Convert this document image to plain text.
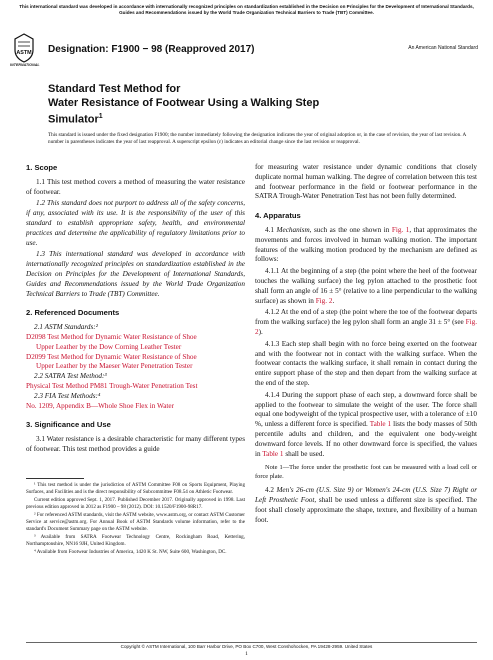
This international standard was developed in accordance with internationally recognized principles on standardization established in the Decision on Principles for the Development of International Standards, Guides and Recommendations issued by the World Trade Organization Technical Barriers to Trade (TBT) Committee.
ASTM
INTERNATIONAL
Designation: F1900 − 98 (Reapproved 2017)	An American National Standard
Standard Test Method for
Water Resistance of Footwear Using a Walking Step
Simulator$^1$
This standard is issued under the fixed designation F1900; the number immediately following the designation indicates the year of original adoption or, in the case of revision, the year of last revision. A number in parentheses indicates the year of last reapproval. A superscript epsilon (ε) indicates an editorial change since the last revision or reapproval.
1. Scope

1.1 This test method covers a method of measuring the water resistance of footwear.

1.2 This standard does not purport to address all of the safety concerns, if any, associated with its use. It is the responsibility of the user of this standard to establish appropriate safety, health, and environmental practices and determine the applicability of regulatory limitations prior to use.

1.3 This international standard was developed in accordance with internationally recognized principles on standardization established in the Decision on Principles for the Development of International Standards, Guides and Recommendations issued by the World Trade Organization Technical Barriers to Trade (TBT) Committee.

2. Referenced Documents

2.1 ASTM Standards:²

D2098 Test Method for Dynamic Water Resistance of Shoe
Upper Leather by the Dow Corning Leather Tester

D2099 Test Method for Dynamic Water Resistance of Shoe
Upper Leather by the Maeser Water Penetration Tester

2.2 SATRA Test Method:³

Physical Test Method PM81 Trough-Water Penetration Test

2.3 FIA Test Methods:⁴

No. 1209, Appendix B—Whole Shoe Flex in Water

3. Significance and Use

3.1 Water resistance is a desirable characteristic for many different types of footwear. This test method provides a guide

¹ This test method is under the jurisdiction of ASTM Committee F08 on Sports Equipment, Playing Surfaces, and Facilities and is the direct responsibility of Subcommittee F08.54 on Athletic Footwear.

Current edition approved Sept. 1, 2017. Published December 2017. Originally approved in 1998. Last previous edition approved in 2012 as F1900 – 98 (2012). DOI: 10.1520/F1900-98R17.

² For referenced ASTM standards, visit the ASTM website, www.astm.org, or contact ASTM Customer Service at service@astm.org. For Annual Book of ASTM Standards volume information, refer to the standard's Document Summary page on the ASTM website.

³ Available from SATRA Footwear Technology Centre, Rockingham Road, Kettering, Northamptonshire, NN16 9JH, United Kingdom.

⁴ Available from Footwear Industries of America, 1420 K St. NW, Suite 600, Washington, DC.

for measuring water resistance under dynamic conditions that closely duplicate normal human walking. The degree of correlation between this test and footwear performance in the field or footwear performance in the SATRA Trough-Water Penetration Test has not been fully determined.

4. Apparatus

4.1 Mechanism, such as the one shown in Fig. 1, that approximates the movements and forces involved in human walking motion. The important features of the walking motion produced by the mechanism are defined as follows:

4.1.1 At the beginning of a step (the point where the heel of the footwear touches the walking surface) the leg pylon attached to the prosthetic foot shall form an angle of 16 ± 5° (relative to a line perpendicular to the walking surface) as shown in Fig. 2.

4.1.2 At the end of a step (the point where the toe of the footwear departs from the walking surface) the leg pylon shall form an angle 31 ± 5° (see Fig. 2).

4.1.3 Each step shall begin with no force being exerted on the footwear and with the footwear not in contact with the walking surface. When the footwear contacts the walking surface, it shall remain in contact during the entire support phase of the step and then depart from the walking surface at the end of the step.

4.1.4 During the support phase of each step, a downward force shall be applied to the footwear to simulate the weight of the user. The force shall equal one bodyweight of the typical prospective user, with a tolerance of ±10 %, unless a different force is specified. Table 1 lists the body masses of 50th percentile adults and children, and the equivalent one body-weight downward force levels. If no other downward force is specified, the values in Table 1 shall be used.

Note 1—The force under the prosthetic foot can be measured with a load cell or force plate.

4.2 Men's 26-cm (U.S. Size 9) or Women's 24-cm (U.S. Size 7) Right or Left Prosthetic Foot, shall be used unless a different size is specified. The foot shall closely approximate the shape, texture, and flexibility of a human foot.

Copyright © ASTM International, 100 Barr Harbor Drive, PO Box C700, West Conshohocken, PA 19428-2959. United States
1
